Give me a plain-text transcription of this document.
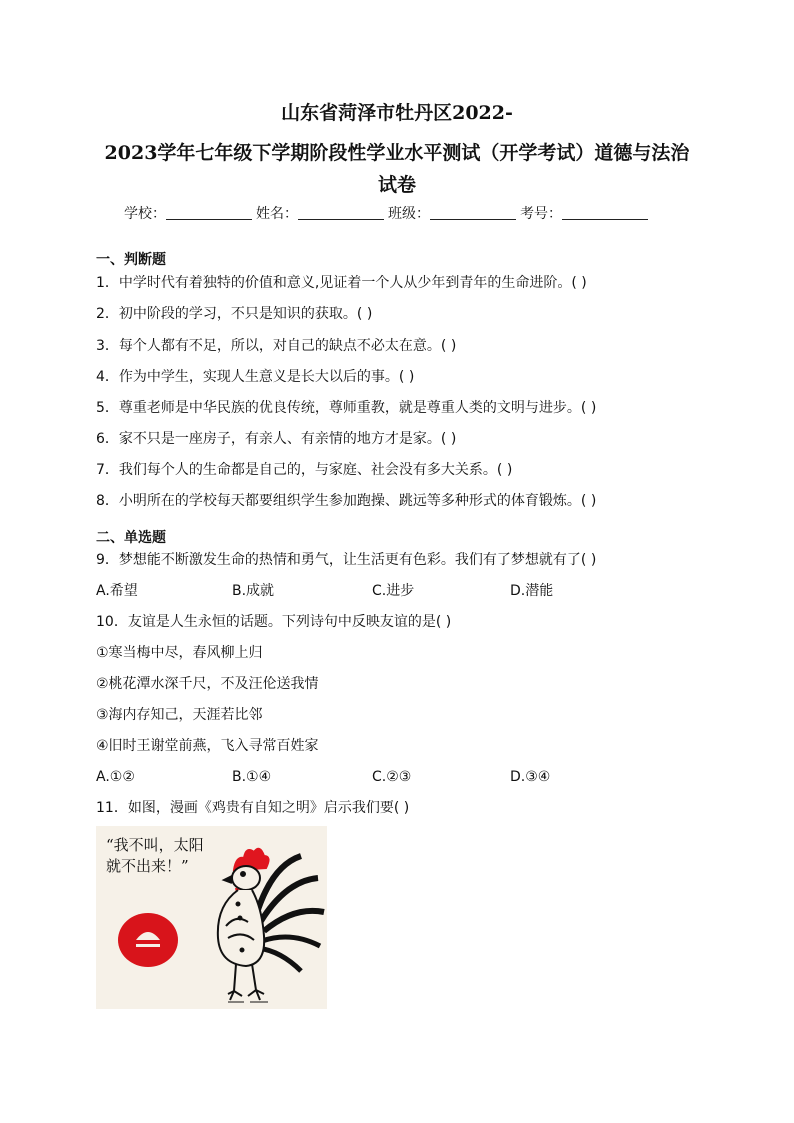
山东省菏泽市牡丹区2022-
2023学年七年级下学期阶段性学业水平测试（开学考试）道德与法治
试卷
学校：	姓名：	班级：	考号：
一、判断题
1．中学时代有着独特的价值和意义,见证着一个人从少年到青年的生命进阶。( )
2．初中阶段的学习，不只是知识的获取。( )
3．每个人都有不足，所以，对自己的缺点不必太在意。( )
4．作为中学生，实现人生意义是长大以后的事。( )
5．尊重老师是中华民族的优良传统，尊师重教，就是尊重人类的文明与进步。( )
6．家不只是一座房子，有亲人、有亲情的地方才是家。( )
7．我们每个人的生命都是自己的，与家庭、社会没有多大关系。( )
8．小明所在的学校每天都要组织学生参加跑操、跳远等多种形式的体育锻炼。( )
二、单选题
9．梦想能不断激发生命的热情和勇气，让生活更有色彩。我们有了梦想就有了( )
A.希望	B.成就	C.进步	D.潜能
10．友谊是人生永恒的话题。下列诗句中反映友谊的是( )
①寒当梅中尽，春风柳上归
②桃花潭水深千尺，不及汪伦送我情
③海内存知己，天涯若比邻
④旧时王谢堂前燕，飞入寻常百姓家
A.①②	B.①④	C.②③	D.③④
11．如图，漫画《鸡贵有自知之明》启示我们要( )
“我不叫，太阳
就不出来！”
